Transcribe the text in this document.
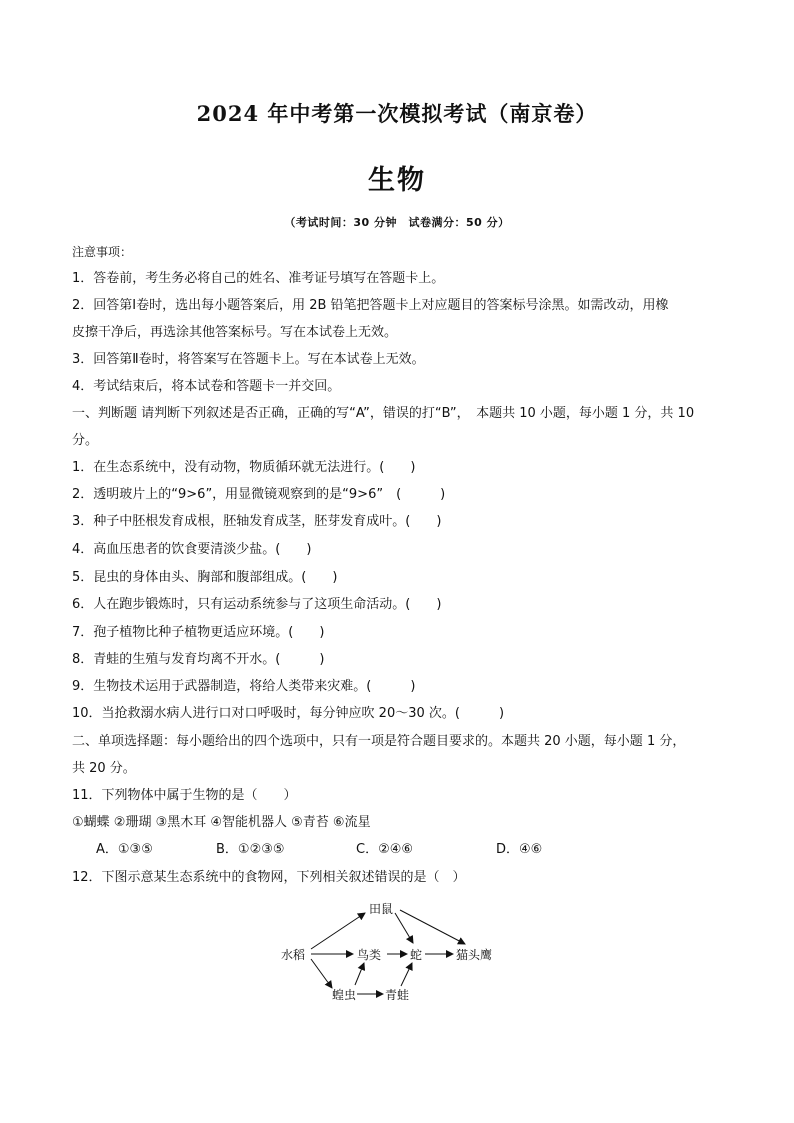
2024 年中考第一次模拟考试（南京卷）
生物
（考试时间：30 分钟　试卷满分：50 分）
注意事项：
1．答卷前，考生务必将自己的姓名、准考证号填写在答题卡上。
2．回答第Ⅰ卷时，选出每小题答案后，用 2B 铅笔把答题卡上对应题目的答案标号涂黑。如需改动，用橡
皮擦干净后，再选涂其他答案标号。写在本试卷上无效。
3．回答第Ⅱ卷时，将答案写在答题卡上。写在本试卷上无效。
4．考试结束后，将本试卷和答题卡一并交回。
一、判断题 请判断下列叙述是否正确，正确的写“A”，错误的打“B”，　本题共 10 小题，每小题 1 分，共 10
分。
1．在生态系统中，没有动物，物质循环就无法进行。(　　)
2．透明玻片上的“9>6”，用显微镜观察到的是“9>6”　(　　　)
3．种子中胚根发育成根，胚轴发育成茎，胚芽发育成叶。(　　)
4．高血压患者的饮食要清淡少盐。(　　)
5．昆虫的身体由头、胸部和腹部组成。(　　)
6．人在跑步锻炼时，只有运动系统参与了这项生命活动。(　　)
7．孢子植物比种子植物更适应环境。(　　)
8．青蛙的生殖与发育均离不开水。(　　　)
9．生物技术运用于武器制造，将给人类带来灾难。(　　　)
10．当抢救溺水病人进行口对口呼吸时，每分钟应吹 20～30 次。(　　　)
二、单项选择题：每小题给出的四个选项中，只有一项是符合题目要求的。本题共 20 小题，每小题 1 分，
共 20 分。
11．下列物体中属于生物的是（　　）
①蝴蝶 ②珊瑚 ③黑木耳 ④智能机器人 ⑤青苔 ⑥流星
A．①③⑤	B．①②③⑤	C．②④⑥	D．④⑥
12．下图示意某生态系统中的食物网，下列相关叙述错误的是（　）
水稻
田鼠
鸟类 蛇	猫头鹰
蝗虫 青蛙
